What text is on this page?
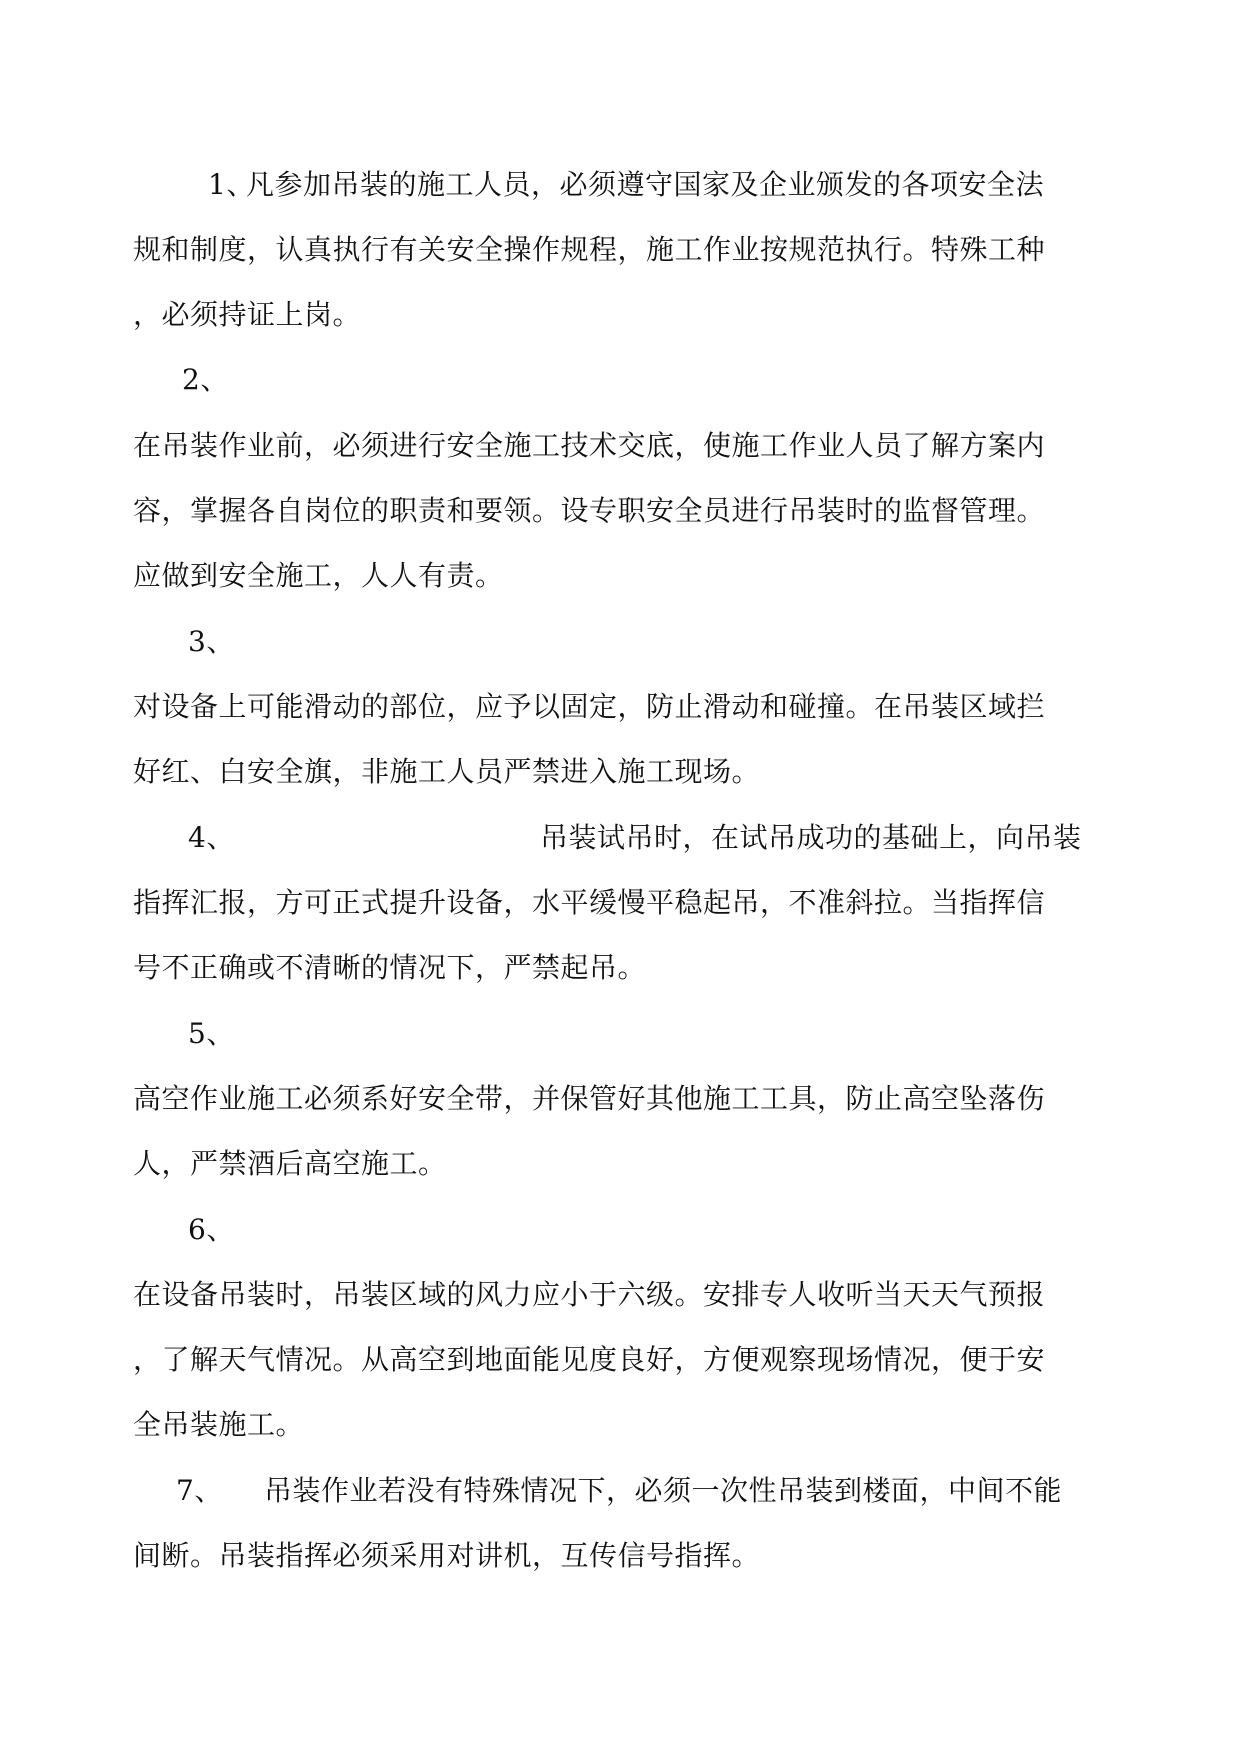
1、
凡参加吊装的施工人员，必须遵守国家及企业颁发的各项安全法
规和制度，认真执行有关安全操作规程，施工作业按规范执行。特殊工种
，必须持证上岗。
2、
在吊装作业前，必须进行安全施工技术交底，使施工作业人员了解方案内
容，掌握各自岗位的职责和要领。设专职安全员进行吊装时的监督管理。
应做到安全施工，人人有责。
3、
对设备上可能滑动的部位，应予以固定，防止滑动和碰撞。在吊装区域拦
好红、白安全旗，非施工人员严禁进入施工现场。
4、	吊装试吊时，在试吊成功的基础上，向吊装
指挥汇报，方可正式提升设备，水平缓慢平稳起吊，不准斜拉。当指挥信
号不正确或不清晰的情况下，严禁起吊。
5、
高空作业施工必须系好安全带，并保管好其他施工工具，防止高空坠落伤
人，严禁酒后高空施工。
6、
在设备吊装时，吊装区域的风力应小于六级。安排专人收听当天天气预报
，了解天气情况。从高空到地面能见度良好，方便观察现场情况，便于安
全吊装施工。
7、 吊装作业若没有特殊情况下，必须一次性吊装到楼面，中间不能
间断。吊装指挥必须采用对讲机，互传信号指挥。
